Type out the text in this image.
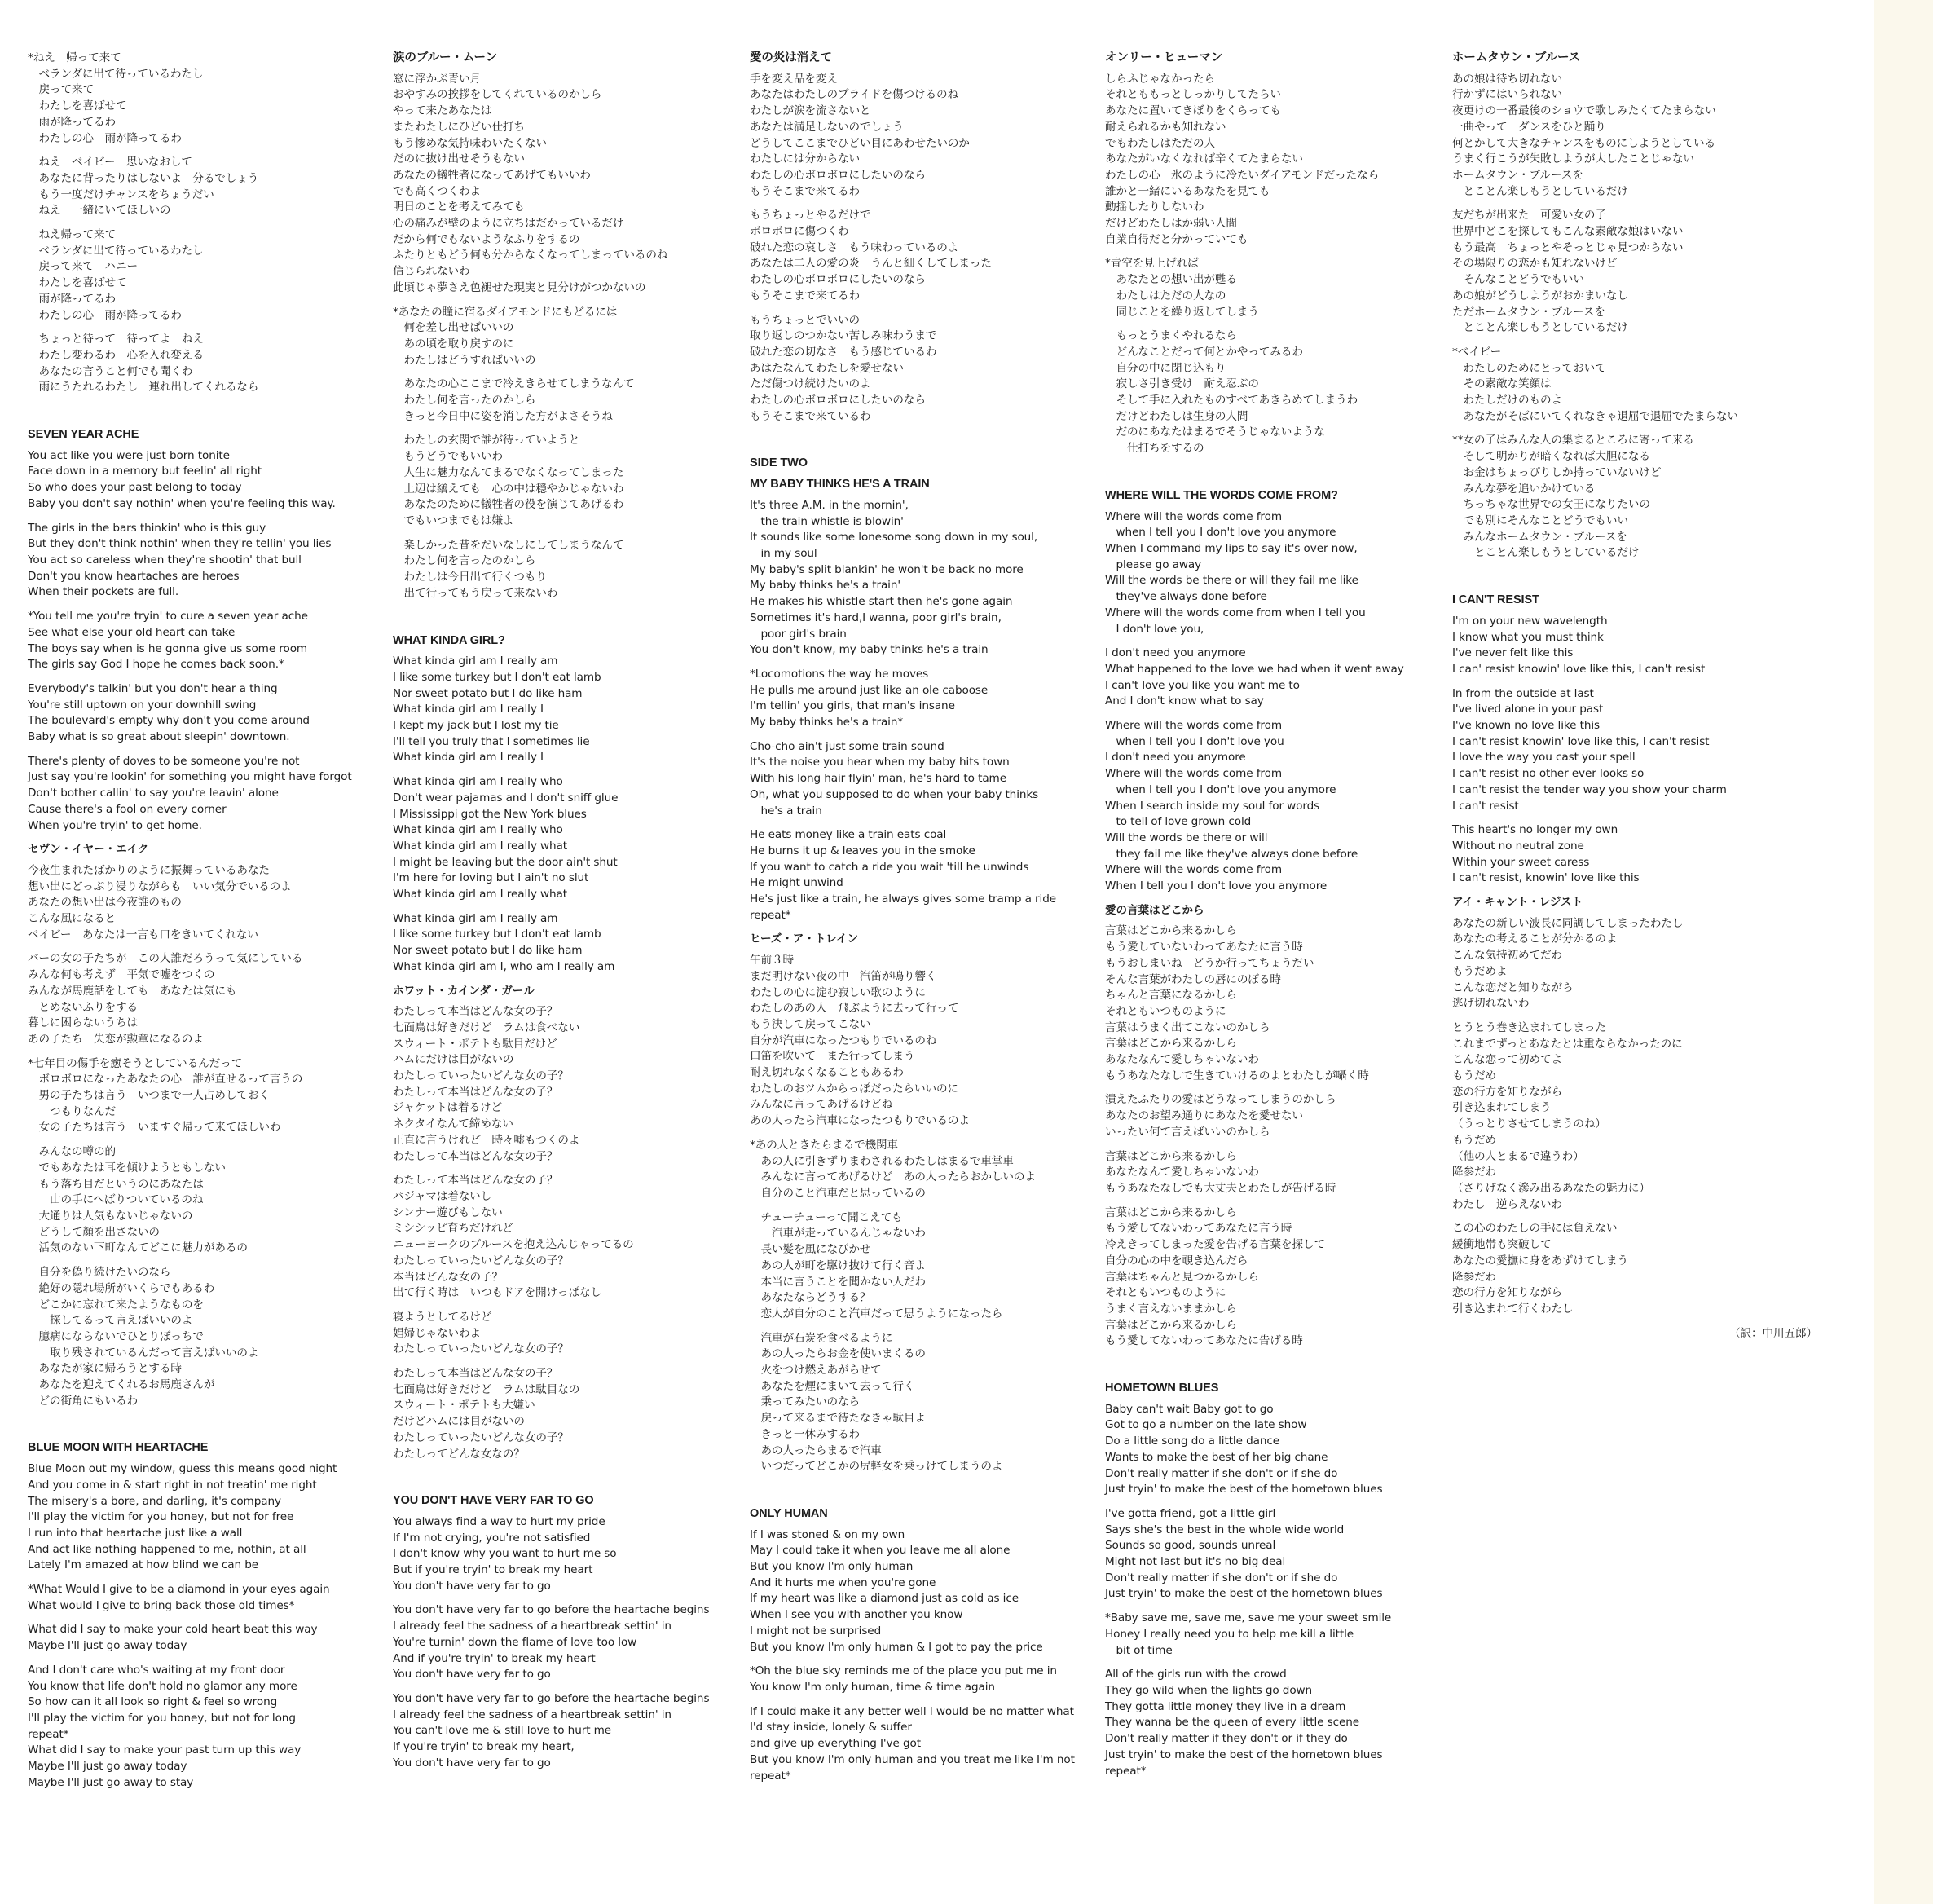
*ねえ　帰って来て
　ベランダに出て待っているわたし
　戻って来て
　わたしを喜ばせて
　雨が降ってるわ
　わたしの心　雨が降ってるわ
　ねえ　ベイビー　思いなおして
　あなたに背ったりはしないよ　分るでしょう
　もう一度だけチャンスをちょうだい
　ねえ　一緒にいてほしいの
　ねえ帰って来て
　ベランダに出て待っているわたし
　戻って来て　ハニー
　わたしを喜ばせて
　雨が降ってるわ
　わたしの心　雨が降ってるわ
　ちょっと待って　待ってよ　ねえ
　わたし変わるわ　心を入れ変える
　あなたの言うこと何でも聞くわ
　雨にうたれるわたし　連れ出してくれるなら
SEVEN YEAR ACHE
You act like you were just born tonite
Face down in a memory but feelin' all right
So who does your past belong to today
Baby you don't say nothin' when you're feeling this way.
The girls in the bars thinkin' who is this guy
But they don't think nothin' when they're tellin' you lies
You act so careless when they're shootin' that bull
Don't you know heartaches are heroes
When their pockets are full.
*You tell me you're tryin' to cure a seven year ache
See what else your old heart can take
The boys say when is he gonna give us some room
The girls say God I hope he comes back soon.*
Everybody's talkin' but you don't hear a thing
You're still uptown on your downhill swing
The boulevard's empty why don't you come around
Baby what is so great about sleepin' downtown.
There's plenty of doves to be someone you're not
Just say you're lookin' for something you might have forgot
Don't bother callin' to say you're leavin' alone
Cause there's a fool on every corner
When you're tryin' to get home.
セヴン・イヤー・エイク
今夜生まれたばかりのように振舞っているあなた
想い出にどっぷり浸りながらも　いい気分でいるのよ
あなたの想い出は今夜誰のもの
こんな風になると
ベイビー　あなたは一言も口をきいてくれない
バーの女の子たちが　この人誰だろうって気にしている
みんな何も考えず　平気で嘘をつくの
みんなが馬鹿話をしても　あなたは気にも
　とめないふりをする
暮しに困らないうちは
あの子たち　失恋が勲章になるのよ
*七年目の傷手を癒そうとしているんだって
　ボロボロになったあなたの心　誰が直せるって言うの
　男の子たちは言う　いつまで一人占めしておく
　　つもりなんだ
　女の子たちは言う　いますぐ帰って来てほしいわ
　みんなの噂の的
　でもあなたは耳を傾けようともしない
　もう落ち目だというのにあなたは
　　山の手にへばりついているのね
　大通りは人気もないじゃないの
　どうして顔を出さないの
　活気のない下町なんてどこに魅力があるの
　自分を偽り続けたいのなら
　絶好の隠れ場所がいくらでもあるわ
　どこかに忘れて来たようなものを
　　探してるって言えばいいのよ
　臆病にならないでひとりぼっちで
　　取り残されているんだって言えばいいのよ
　あなたが家に帰ろうとする時
　あなたを迎えてくれるお馬鹿さんが
　どの街角にもいるわ
BLUE MOON WITH HEARTACHE
Blue Moon out my window, guess this means good night
And you come in & start right in not treatin' me right
The misery's a bore, and darling, it's company
I'll play the victim for you honey, but not for free
I run into that heartache just like a wall
And act like nothing happened to me, nothin, at all
Lately I'm amazed at how blind we can be
*What Would I give to be a diamond in your eyes again
What would I give to bring back those old times*
What did I say to make your cold heart beat this way
Maybe I'll just go away today
And I don't care who's waiting at my front door
You know that life don't hold no glamor any more
So how can it all look so right & feel so wrong
I'll play the victim for you honey, but not for long
repeat*
What did I say to make your past turn up this way
Maybe I'll just go away today
Maybe I'll just go away to stay
涙のブルー・ムーン
窓に浮かぶ青い月
おやすみの挨拶をしてくれているのかしら
やって来たあなたは
またわたしにひどい仕打ち
もう惨めな気持味わいたくない
だのに抜け出せそうもない
あなたの犠牲者になってあげてもいいわ
でも高くつくわよ
明日のことを考えてみても
心の痛みが壁のように立ちはだかっているだけ
だから何でもないようなふりをするの
ふたりともどう何も分からなくなってしまっているのね
信じられないわ
此頃じゃ夢さえ色褪せた現実と見分けがつかないの
*あなたの瞳に宿るダイアモンドにもどるには
　何を差し出せばいいの
　あの頃を取り戻すのに
　わたしはどうすればいいの
　あなたの心ここまで冷えきらせてしまうなんて
　わたし何を言ったのかしら
　きっと今日中に姿を消した方がよさそうね
　わたしの玄関で誰が待っていようと
　もうどうでもいいわ
　人生に魅力なんてまるでなくなってしまった
　上辺は繕えても　心の中は穏やかじゃないわ
　あなたのために犠牲者の役を演じてあげるわ
　でもいつまでもは嫌よ
　楽しかった昔をだいなしにしてしまうなんて
　わたし何を言ったのかしら
　わたしは今日出て行くつもり
　出て行ってもう戻って来ないわ
WHAT KINDA GIRL?
What kinda girl am I really am
I like some turkey but I don't eat lamb
Nor sweet potato but I do like ham
What kinda girl am I really I
I kept my jack but I lost my tie
I'll tell you truly that I sometimes lie
What kinda girl am I really I
What kinda girl am I really who
Don't wear pajamas and I don't sniff glue
I Mississippi got the New York blues
What kinda girl am I really who
What kinda girl am I really what
I might be leaving but the door ain't shut
I'm here for loving but I ain't no slut
What kinda girl am I really what
What kinda girl am I really am
I like some turkey but I don't eat lamb
Nor sweet potato but I do like ham
What kinda girl am I, who am I really am
ホワット・カインダ・ガール
わたしって本当はどんな女の子？
七面鳥は好きだけど　ラムは食べない
スウィート・ポテトも駄目だけど
ハムにだけは目がないの
わたしっていったいどんな女の子？
わたしって本当はどんな女の子？
ジャケットは着るけど
ネクタイなんて締めない
正直に言うけれど　時々嘘もつくのよ
わたしって本当はどんな女の子？
わたしって本当はどんな女の子？
パジャマは着ないし
シンナー遊びもしない
ミシシッピ育ちだけれど
ニューヨークのブルースを抱え込んじゃってるの
わたしっていったいどんな女の子？
本当はどんな女の子？
出て行く時は　いつもドアを開けっぱなし
寝ようとしてるけど
娼婦じゃないわよ
わたしっていったいどんな女の子？
わたしって本当はどんな女の子？
七面鳥は好きだけど　ラムは駄目なの
スウィート・ポテトも大嫌い
だけどハムには目がないの
わたしっていったいどんな女の子？
わたしってどんな女なの？
YOU DON'T HAVE VERY FAR TO GO
You always find a way to hurt my pride
If I'm not crying, you're not satisfied
I don't know why you want to hurt me so
But if you're tryin' to break my heart
You don't have very far to go
You don't have very far to go before the heartache begins
I already feel the sadness of a heartbreak settin' in
You're turnin' down the flame of love too low
And if you're tryin' to break my heart
You don't have very far to go
You don't have very far to go before the heartache begins
I already feel the sadness of a heartbreak settin' in
You can't love me & still love to hurt me
If you're tryin' to break my heart,
You don't have very far to go
愛の炎は消えて
手を変え品を変え
あなたはわたしのプライドを傷つけるのね
わたしが涙を流さないと
あなたは満足しないのでしょう
どうしてここまでひどい目にあわせたいのか
わたしには分からない
わたしの心ボロボロにしたいのなら
もうそこまで来てるわ
もうちょっとやるだけで
ボロボロに傷つくわ
破れた恋の哀しさ　もう味わっているのよ
あなたは二人の愛の炎　うんと細くしてしまった
わたしの心ボロボロにしたいのなら
もうそこまで来てるわ
もうちょっとでいいの
取り返しのつかない苦しみ味わうまで
破れた恋の切なさ　もう感じているわ
あはたなんてわたしを愛せない
ただ傷つけ続けたいのよ
わたしの心ボロボロにしたいのなら
もうそこまで来ているわ
SIDE TWO
MY BABY THINKS HE'S A TRAIN
It's three A.M. in the mornin',
　the train whistle is blowin'
It sounds like some lonesome song down in my soul,
　in my soul
My baby's split blankin' he won't be back no more
My baby thinks he's a train'
He makes his whistle start then he's gone again
Sometimes it's hard,I wanna, poor girl's brain,
　poor girl's brain
You don't know, my baby thinks he's a train
*Locomotions the way he moves
He pulls me around just like an ole caboose
I'm tellin' you girls, that man's insane
My baby thinks he's a train*
Cho-cho ain't just some train sound
It's the noise you hear when my baby hits town
With his long hair flyin' man, he's hard to tame
Oh, what you supposed to do when your baby thinks
　he's a train
He eats money like a train eats coal
He burns it up & leaves you in the smoke
If you want to catch a ride you wait 'till he unwinds
He might unwind
He's just like a train, he always gives some tramp a ride
repeat*
ヒーズ・ア・トレイン
午前３時
まだ明けない夜の中　汽笛が鳴り響く
わたしの心に淀む寂しい歌のように
わたしのあの人　飛ぶように去って行って
もう決して戻ってこない
自分が汽車になったつもりでいるのね
口笛を吹いて　また行ってしまう
耐え切れなくなることもあるわ
わたしのおツムからっぽだったらいいのに
みんなに言ってあげるけどね
あの人ったら汽車になったつもりでいるのよ
*あの人ときたらまるで機関車
　あの人に引きずりまわされるわたしはまるで車掌車
　みんなに言ってあげるけど　あの人ったらおかしいのよ
　自分のこと汽車だと思っているの
　チューチューって聞こえても
　　汽車が走っているんじゃないわ
　長い髪を風になびかせ
　あの人が町を駆け抜けて行く音よ
　本当に言うことを聞かない人だわ
　あなたならどうする？
　恋人が自分のこと汽車だって思うようになったら
　汽車が石炭を食べるように
　あの人ったらお金を使いまくるの
　火をつけ燃えあがらせて
　あなたを煙にまいて去って行く
　乗ってみたいのなら
　戻って来るまで待たなきゃ駄目よ
　きっと一休みするわ
　あの人ったらまるで汽車
　いつだってどこかの尻軽女を乗っけてしまうのよ
ONLY HUMAN
If I was stoned & on my own
May I could take it when you leave me all alone
But you know I'm only human
And it hurts me when you're gone
If my heart was like a diamond just as cold as ice
When I see you with another you know
I might not be surprised
But you know I'm only human & I got to pay the price
*Oh the blue sky reminds me of the place you put me in
You know I'm only human, time & time again
If I could make it any better well I would be no matter what
I'd stay inside, lonely & suffer
and give up everything I've got
But you know I'm only human and you treat me like I'm not
repeat*
オンリー・ヒューマン
しらふじゃなかったら
それとももっとしっかりしてたらい
あなたに置いてきぼりをくらっても
耐えられるかも知れない
でもわたしはただの人
あなたがいなくなれば辛くてたまらない
わたしの心　氷のように冷たいダイアモンドだったなら
誰かと一緒にいるあなたを見ても
動揺したりしないわ
だけどわたしはか弱い人間
自業自得だと分かっていても
*青空を見上げれば
　あなたとの想い出が甦る
　わたしはただの人なの
　同じことを繰り返してしまう
　もっとうまくやれるなら
　どんなことだって何とかやってみるわ
　自分の中に閉じ込もり
　寂しさ引き受け　耐え忍ぶの
　そして手に入れたものすべてあきらめてしまうわ
　だけどわたしは生身の人間
　だのにあなたはまるでそうじゃないような
　　仕打ちをするの
WHERE WILL THE WORDS COME FROM?
Where will the words come from
　when I tell you I don't love you anymore
When I command my lips to say it's over now,
　please go away
Will the words be there or will they fail me like
　they've always done before
Where will the words come from when I tell you
　I don't love you,
I don't need you anymore
What happened to the love we had when it went away
I can't love you like you want me to
And I don't know what to say
Where will the words come from
　when I tell you I don't love you
I don't need you anymore
Where will the words come from
　when I tell you I don't love you anymore
When I search inside my soul for words
　to tell of love grown cold
Will the words be there or will
　they fail me like they've always done before
Where will the words come from
When I tell you I don't love you anymore
愛の言葉はどこから
言葉はどこから来るかしら
もう愛していないわってあなたに言う時
もうおしまいね　どうか行ってちょうだい
そんな言葉がわたしの唇にのぼる時
ちゃんと言葉になるかしら
それともいつものように
言葉はうまく出てこないのかしら
言葉はどこから来るかしら
あなたなんて愛しちゃいないわ
もうあなたなしで生きていけるのよとわたしが囁く時
潰えたふたりの愛はどうなってしまうのかしら
あなたのお望み通りにあなたを愛せない
いったい何て言えばいいのかしら
言葉はどこから来るかしら
あなたなんて愛しちゃいないわ
もうあなたなしでも大丈夫とわたしが告げる時
言葉はどこから来るかしら
もう愛してないわってあなたに言う時
冷えきってしまった愛を告げる言葉を探して
自分の心の中を覗き込んだら
言葉はちゃんと見つかるかしら
それともいつものように
うまく言えないままかしら
言葉はどこから来るかしら
もう愛してないわってあなたに告げる時
HOMETOWN BLUES
Baby can't wait Baby got to go
Got to go a number on the late show
Do a little song do a little dance
Wants to make the best of her big chane
Don't really matter if she don't or if she do
Just tryin' to make the best of the hometown blues
I've gotta friend, got a little girl
Says she's the best in the whole wide world
Sounds so good, sounds unreal
Might not last but it's no big deal
Don't really matter if she don't or if she do
Just tryin' to make the best of the hometown blues
*Baby save me, save me, save me your sweet smile
Honey I really need you to help me kill a little
　bit of time
All of the girls run with the crowd
They go wild when the lights go down
They gotta little money they live in a dream
They wanna be the queen of every little scene
Don't really matter if they don't or if they do
Just tryin' to make the best of the hometown blues
repeat*
ホームタウン・ブルース
あの娘は待ち切れない
行かずにはいられない
夜更けの一番最後のショウで歌しみたくてたまらない
一曲やって　ダンスをひと踊り
何とかして大きなチャンスをものにしようとしている
うまく行こうが失敗しようが大したことじゃない
ホームタウン・ブルースを
　とことん楽しもうとしているだけ
友だちが出来た　可愛い女の子
世界中どこを探してもこんな素敵な娘はいない
もう最高　ちょっとやそっとじゃ見つからない
その場限りの恋かも知れないけど
　そんなことどうでもいい
あの娘がどうしようがおかまいなし
ただホームタウン・ブルースを
　とことん楽しもうとしているだけ
*ベイビー
　わたしのためにとっておいて
　その素敵な笑顔は
　わたしだけのものよ
　あなたがそばにいてくれなきゃ退屈で退屈でたまらない
**女の子はみんな人の集まるところに寄って来る
　そして明かりが暗くなれば大胆になる
　お金はちょっぴりしか持っていないけど
　みんな夢を追いかけている
　ちっちゃな世界での女王になりたいの
　でも別にそんなことどうでもいい
　みんなホームタウン・ブルースを
　　とことん楽しもうとしているだけ
I CAN'T RESIST
I'm on your new wavelength
I know what you must think
I've never felt like this
I can' resist knowin' love like this, I can't resist
In from the outside at last
I've lived alone in your past
I've known no love like this
I can't resist knowin' love like this, I can't resist
I love the way you cast your spell
I can't resist no other ever looks so
I can't resist the tender way you show your charm
I can't resist
This heart's no longer my own
Without no neutral zone
Within your sweet caress
I can't resist, knowin' love like this
アイ・キャント・レジスト
あなたの新しい波長に同調してしまったわたし
あなたの考えることが分かるのよ
こんな気持初めてだわ
もうだめよ
こんな恋だと知りながら
逃げ切れないわ
とうとう巻き込まれてしまった
これまでずっとあなたとは重ならなかったのに
こんな恋って初めてよ
もうだめ
恋の行方を知りながら
引き込まれてしまう
（うっとりさせてしまうのね）
もうだめ
（他の人とまるで違うわ）
降参だわ
（さりげなく滲み出るあなたの魅力に）
わたし　逆らえないわ
この心のわたしの手には負えない
緩衝地帯も突破して
あなたの愛撫に身をあずけてしまう
降参だわ
恋の行方を知りながら
引き込まれて行くわたし
（訳：中川五郎）
